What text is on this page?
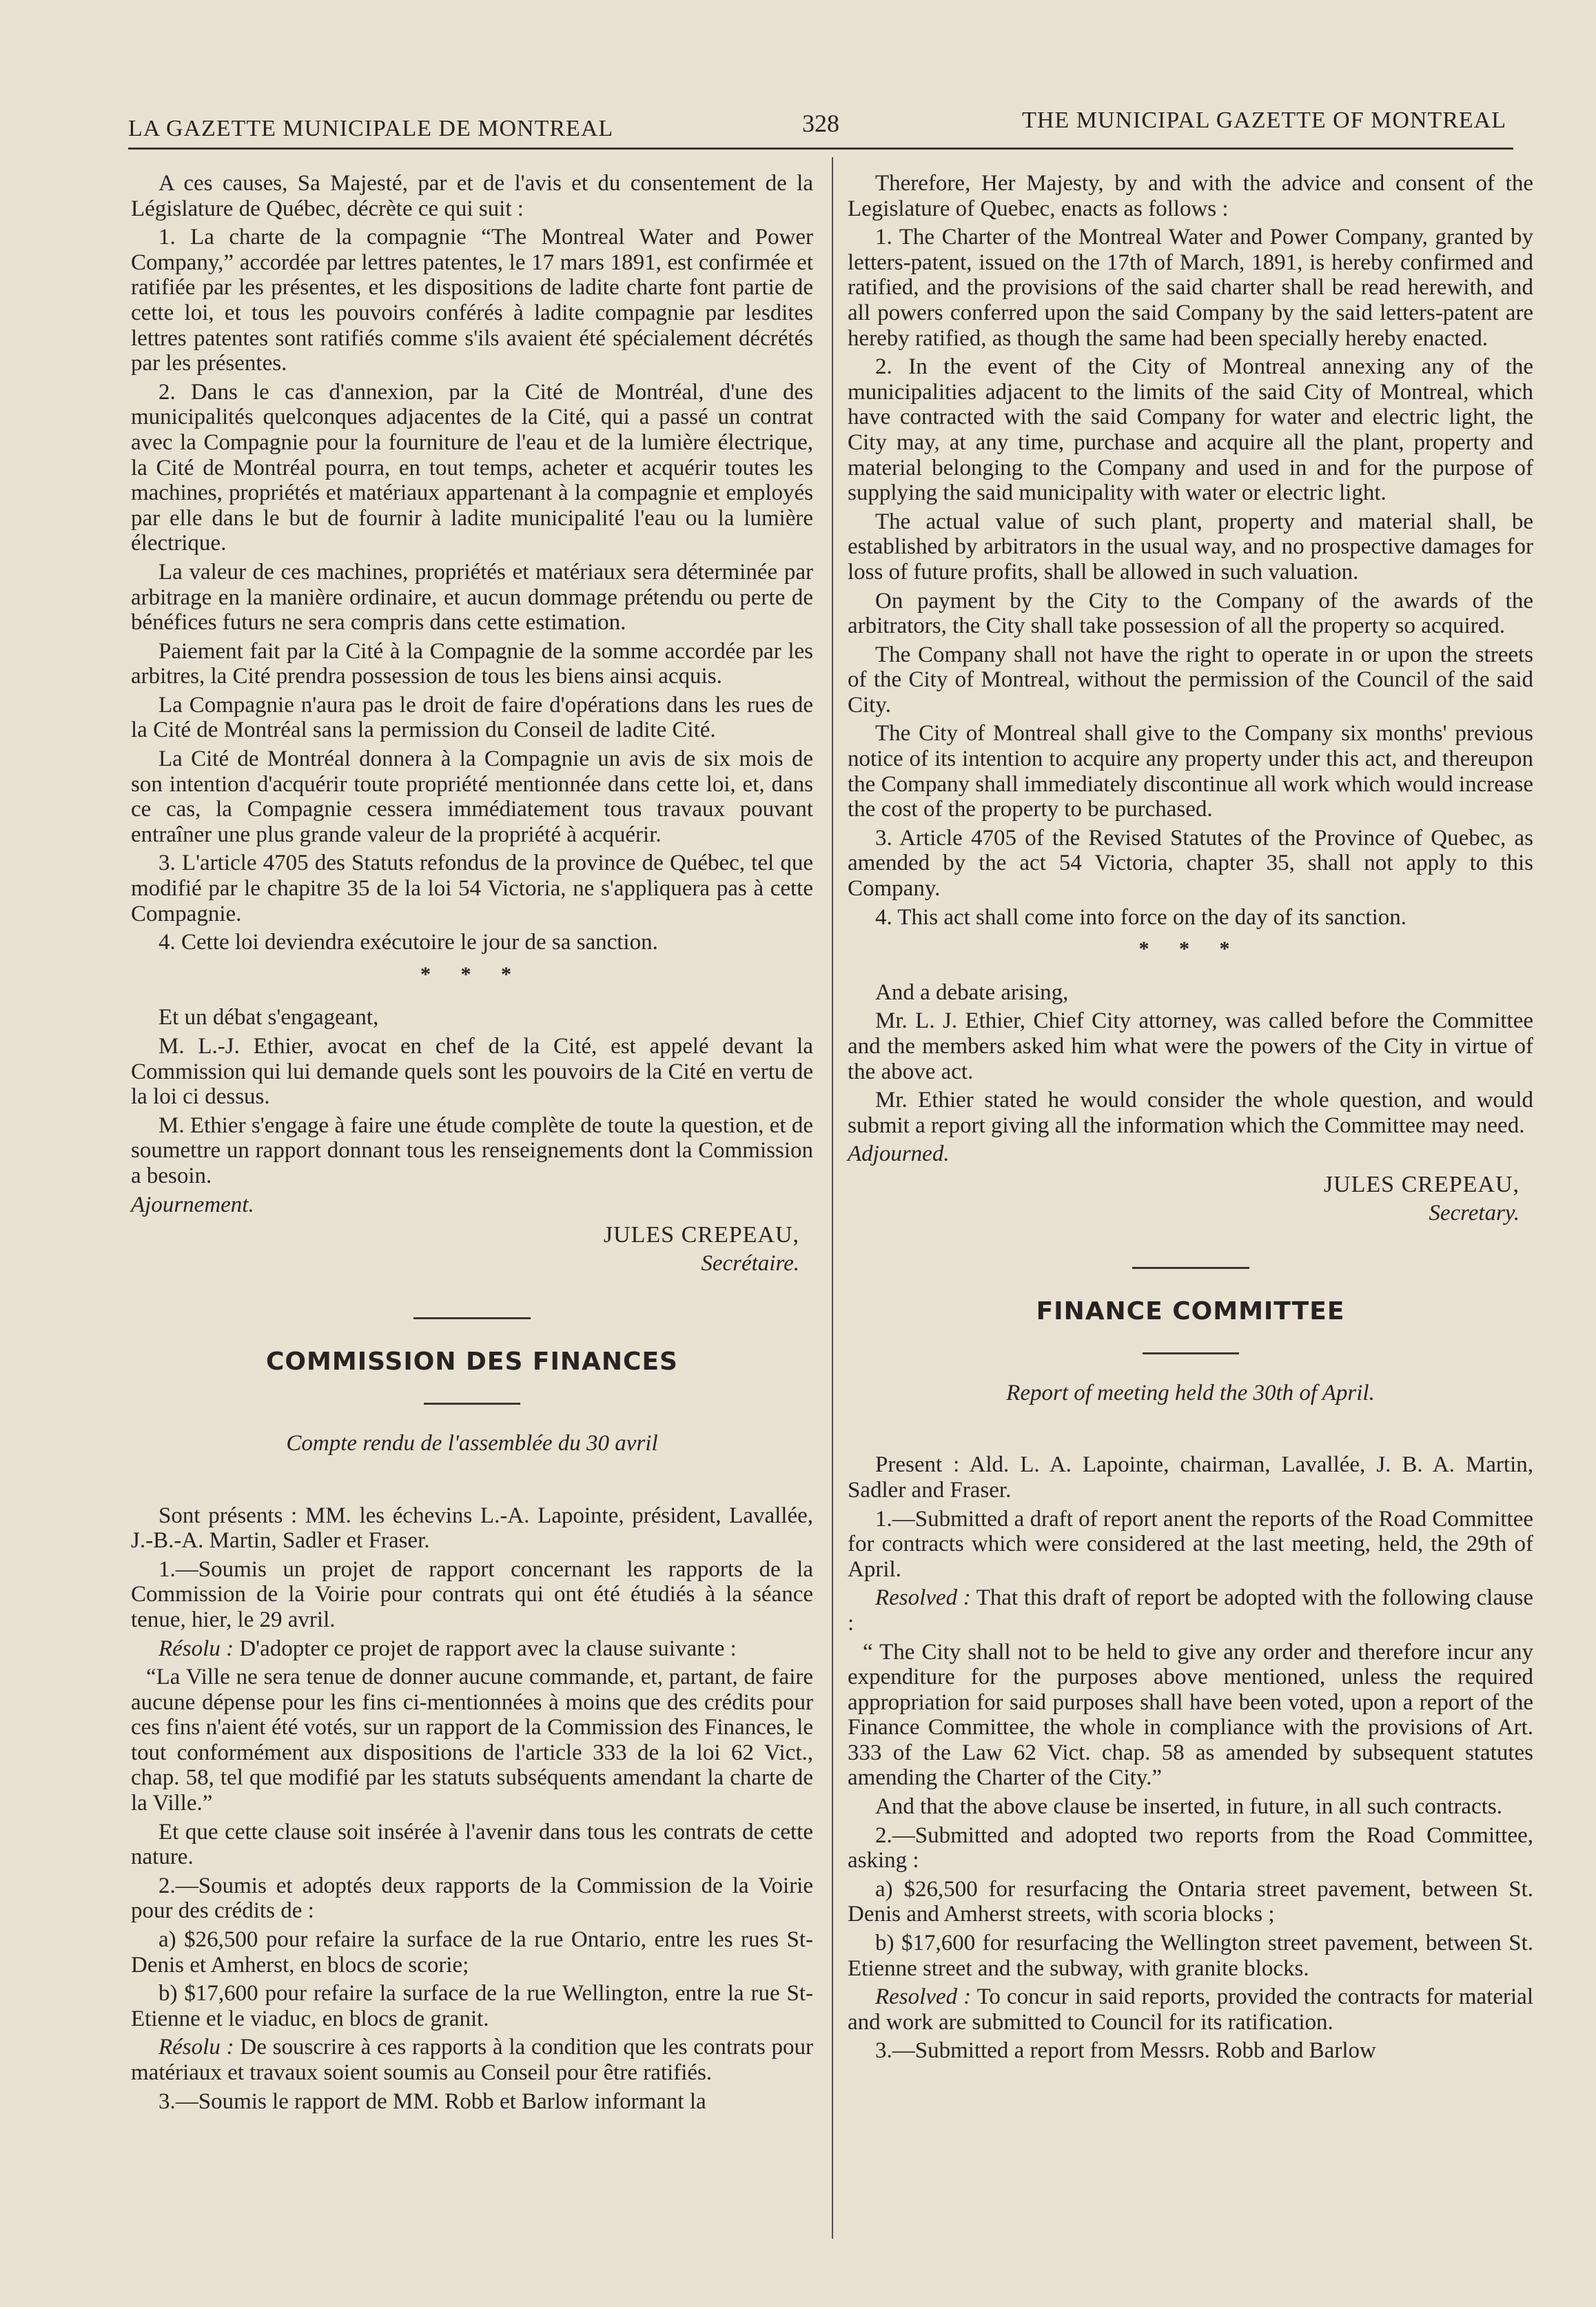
LA GAZETTE MUNICIPALE DE MONTREAL	328	THE MUNICIPAL GAZETTE OF MONTREAL

A ces causes, Sa Majesté, par et de l'avis et du consentement de la Législature de Québec, décrète ce qui suit :

1. La charte de la compagnie “The Montreal Water and Power Company,” accordée par lettres patentes, le 17 mars 1891, est confirmée et ratifiée par les présentes, et les dispositions de ladite charte font partie de cette loi, et tous les pouvoirs conférés à ladite compagnie par lesdites lettres patentes sont ratifiés comme s'ils avaient été spécialement décrétés par les présentes.

2. Dans le cas d'annexion, par la Cité de Montréal, d'une des municipalités quelconques adjacentes de la Cité, qui a passé un contrat avec la Compagnie pour la fourniture de l'eau et de la lumière électrique, la Cité de Montréal pourra, en tout temps, acheter et acquérir toutes les machines, propriétés et matériaux appartenant à la compagnie et employés par elle dans le but de fournir à ladite municipalité l'eau ou la lumière électrique.

La valeur de ces machines, propriétés et matériaux sera déterminée par arbitrage en la manière ordinaire, et aucun dommage prétendu ou perte de bénéfices futurs ne sera compris dans cette estimation.

Paiement fait par la Cité à la Compagnie de la somme accordée par les arbitres, la Cité prendra possession de tous les biens ainsi acquis.

La Compagnie n'aura pas le droit de faire d'opérations dans les rues de la Cité de Montréal sans la permission du Conseil de ladite Cité.

La Cité de Montréal donnera à la Compagnie un avis de six mois de son intention d'acquérir toute propriété mentionnée dans cette loi, et, dans ce cas, la Compagnie cessera immédiatement tous travaux pouvant entraîner une plus grande valeur de la propriété à acquérir.

3. L'article 4705 des Statuts refondus de la province de Québec, tel que modifié par le chapitre 35 de la loi 54 Victoria, ne s'appliquera pas à cette Compagnie.

4. Cette loi deviendra exécutoire le jour de sa sanction.

* * *

Et un débat s'engageant,

M. L.-J. Ethier, avocat en chef de la Cité, est appelé devant la Commission qui lui demande quels sont les pouvoirs de la Cité en vertu de la loi ci dessus.

M. Ethier s'engage à faire une étude complète de toute la question, et de soumettre un rapport donnant tous les renseignements dont la Commission a besoin.

Ajournement.

JULES CREPEAU,
Secrétaire.
COMMISSION DES FINANCES
Compte rendu de l'assemblée du 30 avril

Sont présents : MM. les échevins L.-A. Lapointe, président, Lavallée, J.-B.-A. Martin, Sadler et Fraser.

1.—Soumis un projet de rapport concernant les rapports de la Commission de la Voirie pour contrats qui ont été étudiés à la séance tenue, hier, le 29 avril.

Résolu : D'adopter ce projet de rapport avec la clause suivante :

“La Ville ne sera tenue de donner aucune commande, et, partant, de faire aucune dépense pour les fins ci-mentionnées à moins que des crédits pour ces fins n'aient été votés, sur un rapport de la Commission des Finances, le tout conformément aux dispositions de l'article 333 de la loi 62 Vict., chap. 58, tel que modifié par les statuts subséquents amendant la charte de la Ville.”

Et que cette clause soit insérée à l'avenir dans tous les contrats de cette nature.

2.—Soumis et adoptés deux rapports de la Commission de la Voirie pour des crédits de :

a) $26,500 pour refaire la surface de la rue Ontario, entre les rues St-Denis et Amherst, en blocs de scorie;

b) $17,600 pour refaire la surface de la rue Wellington, entre la rue St-Etienne et le viaduc, en blocs de granit.

Résolu : De souscrire à ces rapports à la condition que les contrats pour matériaux et travaux soient soumis au Conseil pour être ratifiés.

3.—Soumis le rapport de MM. Robb et Barlow informant la

Therefore, Her Majesty, by and with the advice and consent of the Legislature of Quebec, enacts as follows :

1. The Charter of the Montreal Water and Power Company, granted by letters-patent, issued on the 17th of March, 1891, is hereby confirmed and ratified, and the provisions of the said charter shall be read herewith, and all powers conferred upon the said Company by the said letters-patent are hereby ratified, as though the same had been specially hereby enacted.

2. In the event of the City of Montreal annexing any of the municipalities adjacent to the limits of the said City of Montreal, which have contracted with the said Company for water and electric light, the City may, at any time, purchase and acquire all the plant, property and material belonging to the Company and used in and for the purpose of supplying the said municipality with water or electric light.

The actual value of such plant, property and material shall, be established by arbitrators in the usual way, and no prospective damages for loss of future profits, shall be allowed in such valuation.

On payment by the City to the Company of the awards of the arbitrators, the City shall take possession of all the property so acquired.

The Company shall not have the right to operate in or upon the streets of the City of Montreal, without the permission of the Council of the said City.

The City of Montreal shall give to the Company six months' previous notice of its intention to acquire any property under this act, and thereupon the Company shall immediately discontinue all work which would increase the cost of the property to be purchased.

3. Article 4705 of the Revised Statutes of the Province of Quebec, as amended by the act 54 Victoria, chapter 35, shall not apply to this Company.

4. This act shall come into force on the day of its sanction.

* * *

And a debate arising,

Mr. L. J. Ethier, Chief City attorney, was called before the Committee and the members asked him what were the powers of the City in virtue of the above act.

Mr. Ethier stated he would consider the whole question, and would submit a report giving all the information which the Committee may need.

Adjourned.

JULES CREPEAU,
Secretary.
FINANCE COMMITTEE
Report of meeting held the 30th of April.

Present : Ald. L. A. Lapointe, chairman, Lavallée, J. B. A. Martin, Sadler and Fraser.

1.—Submitted a draft of report anent the reports of the Road Committee for contracts which were considered at the last meeting, held, the 29th of April.

Resolved : That this draft of report be adopted with the following clause :

“ The City shall not to be held to give any order and therefore incur any expenditure for the purposes above mentioned, unless the required appropriation for said purposes shall have been voted, upon a report of the Finance Committee, the whole in compliance with the provisions of Art. 333 of the Law 62 Vict. chap. 58 as amended by subsequent statutes amending the Charter of the City.”

And that the above clause be inserted, in future, in all such contracts.

2.—Submitted and adopted two reports from the Road Committee, asking :

a) $26,500 for resurfacing the Ontaria street pavement, between St. Denis and Amherst streets, with scoria blocks ;

b) $17,600 for resurfacing the Wellington street pavement, between St. Etienne street and the subway, with granite blocks.

Resolved : To concur in said reports, provided the contracts for material and work are submitted to Council for its ratification.

3.—Submitted a report from Messrs. Robb and Barlow
